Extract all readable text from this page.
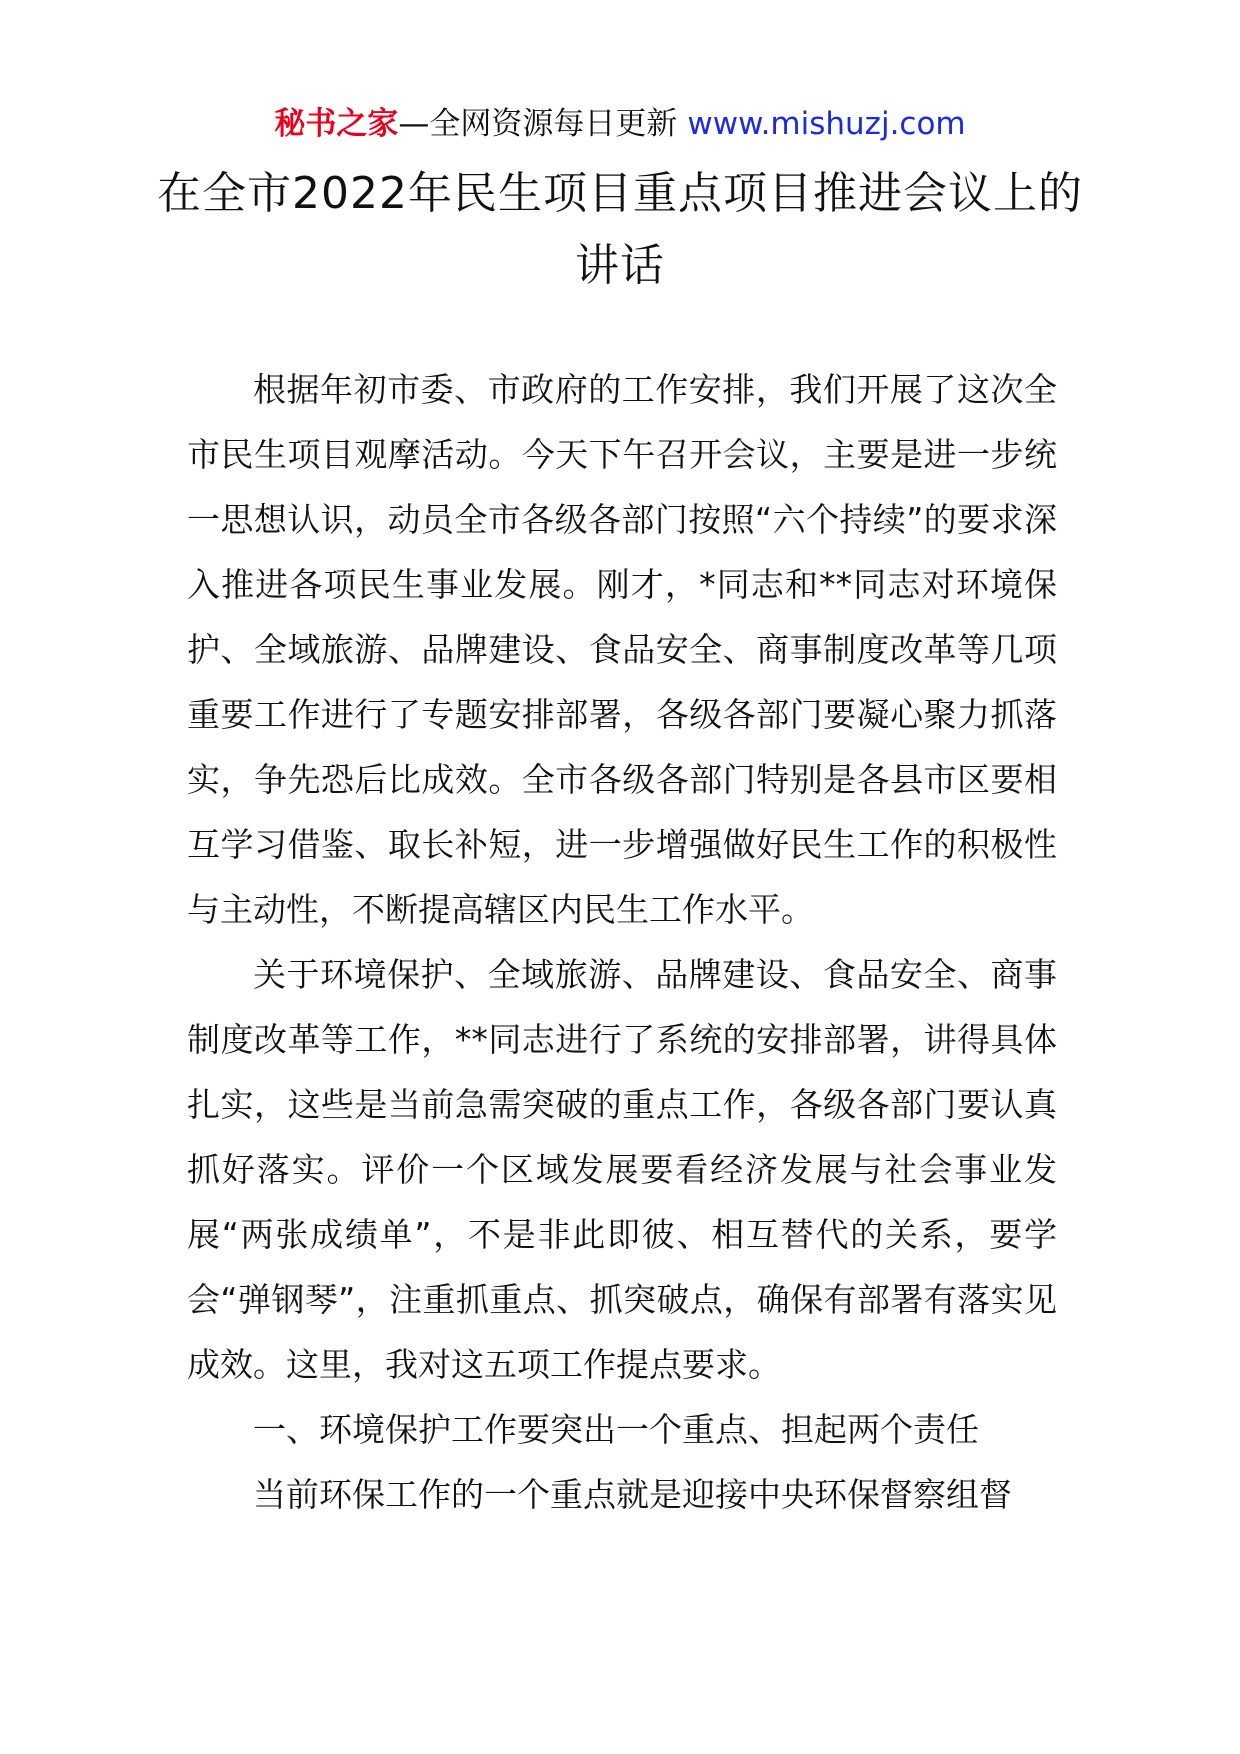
秘书之家—全网资源每日更新 www.mishuzj.com
在全市2022年民生项目重点项目推进会议上的讲话

根据年初市委、市政府的工作安排，我们开展了这次全市民生项目观摩活动。今天下午召开会议，主要是进一步统一思想认识，动员全市各级各部门按照“六个持续”的要求深入推进各项民生事业发展。刚才，*同志和**同志对环境保护、全域旅游、品牌建设、食品安全、商事制度改革等几项重要工作进行了专题安排部署，各级各部门要凝心聚力抓落实，争先恐后比成效。全市各级各部门特别是各县市区要相互学习借鉴、取长补短，进一步增强做好民生工作的积极性与主动性，不断提高辖区内民生工作水平。

关于环境保护、全域旅游、品牌建设、食品安全、商事制度改革等工作，**同志进行了系统的安排部署，讲得具体扎实，这些是当前急需突破的重点工作，各级各部门要认真抓好落实。评价一个区域发展要看经济发展与社会事业发展“两张成绩单”，不是非此即彼、相互替代的关系，要学会“弹钢琴”，注重抓重点、抓突破点，确保有部署有落实见成效。这里，我对这五项工作提点要求。

一、环境保护工作要突出一个重点、担起两个责任

当前环保工作的一个重点就是迎接中央环保督察组督
